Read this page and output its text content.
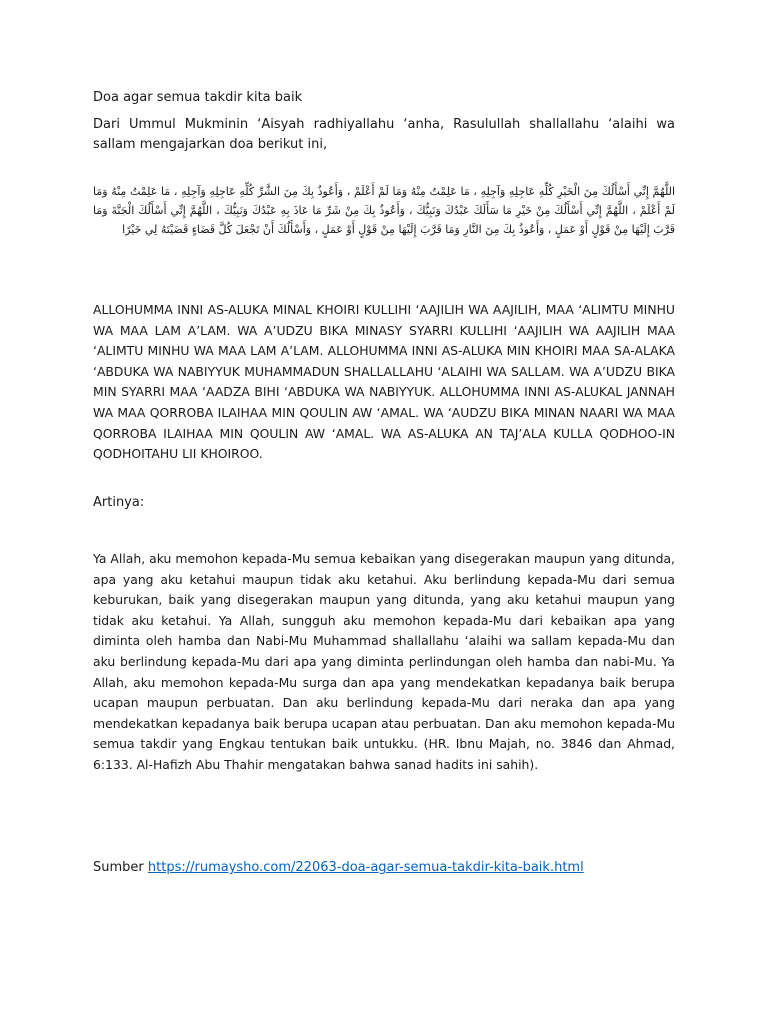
Doa agar semua takdir kita baik

Dari Ummul Mukminin ‘Aisyah radhiyallahu ‘anha, Rasulullah shallallahu ‘alaihi wa sallam mengajarkan doa berikut ini,

اللَّهُمَّ إِنِّي أَسْأَلُكَ مِنَ الْخَيْرِ كُلِّهِ عَاجِلِهِ وَآجِلِهِ ، مَا عَلِمْتُ مِنْهُ وَمَا لَمْ أَعْلَمْ ، وَأَعُوذُ بِكَ مِنَ الشَّرِّ كُلِّهِ عَاجِلِهِ وَآجِلِهِ ، مَا عَلِمْتُ مِنْهُ وَمَا لَمْ أَعْلَمْ ، اللَّهُمَّ إِنِّي أَسْأَلُكَ مِنْ خَيْرِ مَا سَأَلَكَ عَبْدُكَ وَنَبِيُّكَ ، وَأَعُوذُ بِكَ مِنْ شَرِّ مَا عَاذَ بِهِ عَبْدُكَ وَنَبِيُّكَ ، اللَّهُمَّ إِنِّي أَسْأَلُكَ الْجَنَّةَ وَمَا قَرَّبَ إِلَيْهَا مِنْ قَوْلٍ أَوْ عَمَلٍ ، وَأَعُوذُ بِكَ مِنَ النَّارِ وَمَا قَرَّبَ إِلَيْهَا مِنْ قَوْلٍ أَوْ عَمَلٍ ، وَأَسْأَلُكَ أَنْ تَجْعَلَ كُلَّ قَضَاءٍ قَضَيْتَهُ لِي خَيْرًا

ALLOHUMMA INNI AS-ALUKA MINAL KHOIRI KULLIHI ‘AAJILIH WA AAJILIH, MAA ‘ALIMTU MINHU WA MAA LAM A’LAM. WA A’UDZU BIKA MINASY SYARRI KULLIHI ‘AAJILIH WA AAJILIH MAA ‘ALIMTU MINHU WA MAA LAM A’LAM. ALLOHUMMA INNI AS-ALUKA MIN KHOIRI MAA SA-ALAKA ‘ABDUKA WA NABIYYUK MUHAMMADUN SHALLALLAHU ‘ALAIHI WA SALLAM. WA A’UDZU BIKA MIN SYARRI MAA ‘AADZA BIHI ‘ABDUKA WA NABIYYUK. ALLOHUMMA INNI AS-ALUKAL JANNAH WA MAA QORROBA ILAIHAA MIN QOULIN AW ‘AMAL. WA ‘AUDZU BIKA MINAN NAARI WA MAA QORROBA ILAIHAA MIN QOULIN AW ‘AMAL. WA AS-ALUKA AN TAJ’ALA KULLA QODHOO-IN QODHOITAHU LII KHOIROO.

Artinya:

Ya Allah, aku memohon kepada-Mu semua kebaikan yang disegerakan maupun yang ditunda, apa yang aku ketahui maupun tidak aku ketahui. Aku berlindung kepada-Mu dari semua keburukan, baik yang disegerakan maupun yang ditunda, yang aku ketahui maupun yang tidak aku ketahui. Ya Allah, sungguh aku memohon kepada-Mu dari kebaikan apa yang diminta oleh hamba dan Nabi-Mu Muhammad shallallahu ‘alaihi wa sallam kepada-Mu dan aku berlindung kepada-Mu dari apa yang diminta perlindungan oleh hamba dan nabi-Mu. Ya Allah, aku memohon kepada-Mu surga dan apa yang mendekatkan kepadanya baik berupa ucapan maupun perbuatan. Dan aku berlindung kepada-Mu dari neraka dan apa yang mendekatkan kepadanya baik berupa ucapan atau perbuatan. Dan aku memohon kepada-Mu semua takdir yang Engkau tentukan baik untukku. (HR. Ibnu Majah, no. 3846 dan Ahmad, 6:133. Al-Hafizh Abu Thahir mengatakan bahwa sanad hadits ini sahih).

Sumber https://rumaysho.com/22063-doa-agar-semua-takdir-kita-baik.html
